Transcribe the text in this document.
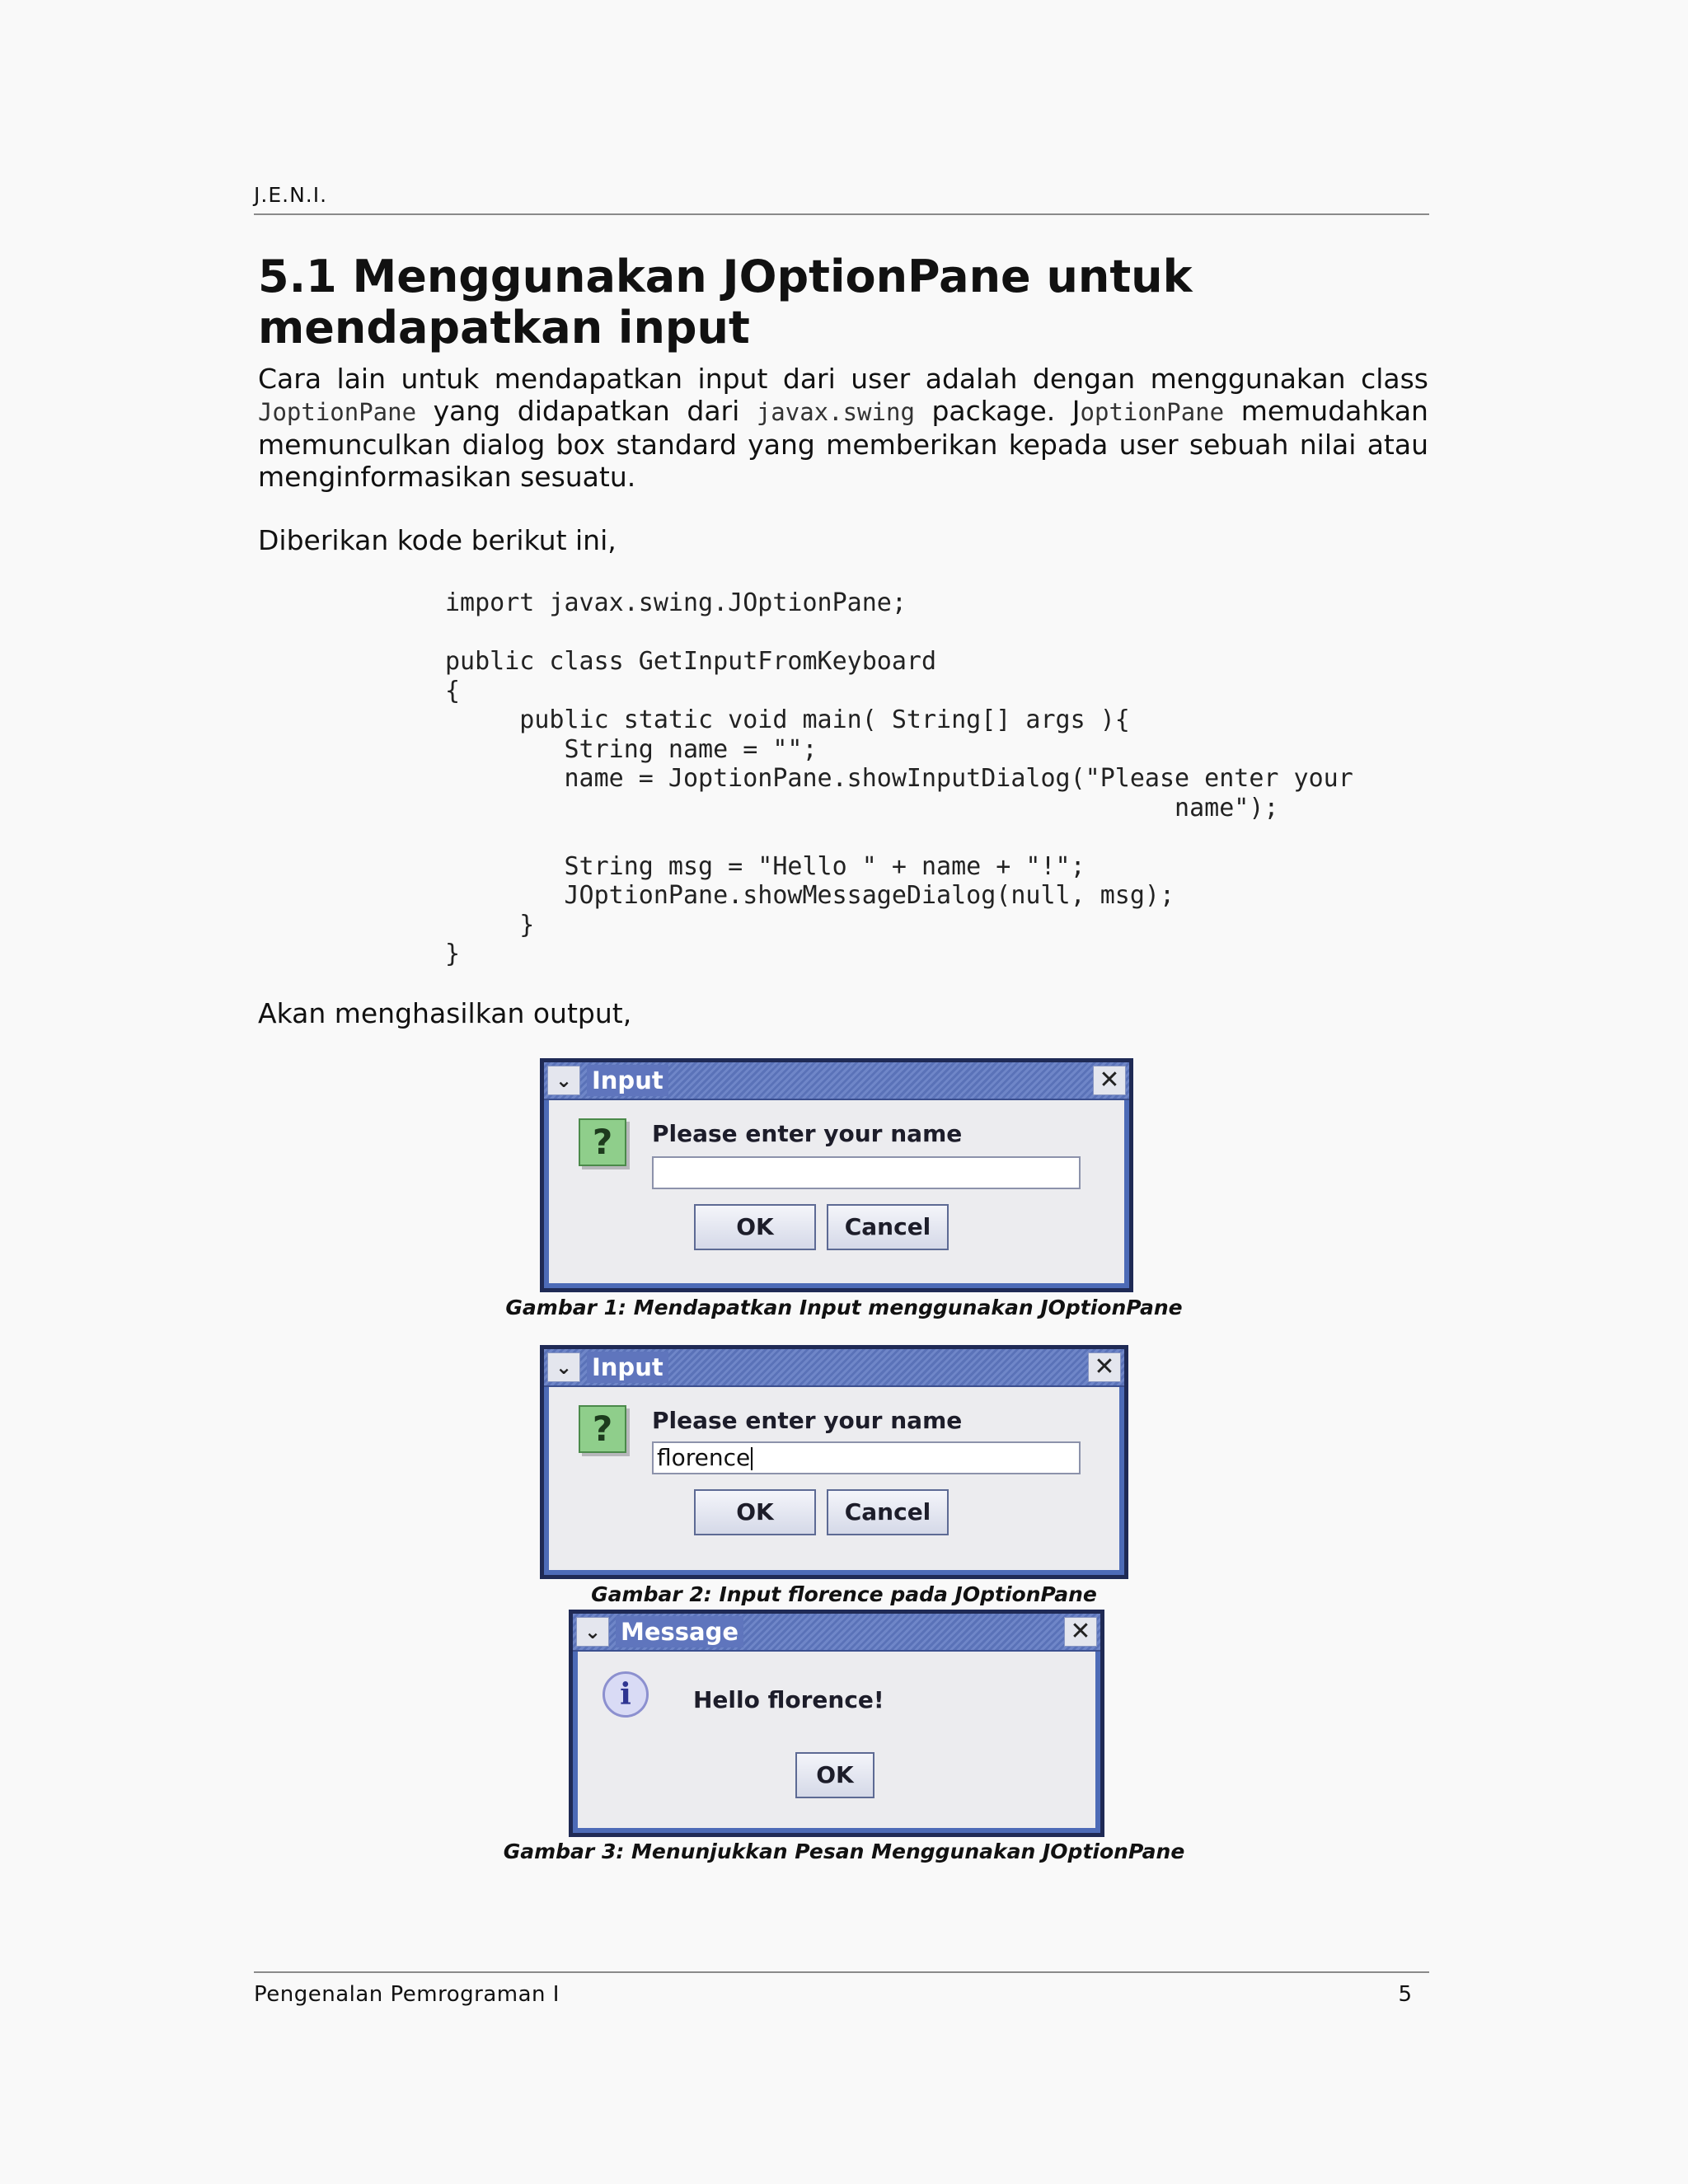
J.E.N.I.
5.1 Menggunakan JOptionPane untuk mendapatkan input

Cara lain untuk mendapatkan input dari user adalah dengan menggunakan class JoptionPane yang didapatkan dari javax.swing package. JoptionPane memudahkan memunculkan dialog box standard yang memberikan kepada user sebuah nilai atau menginformasikan sesuatu.

Diberikan kode berikut ini,

import javax.swing.JOptionPane;

public class GetInputFromKeyboard
{
public static void main( String[] args ){
String name = "";
name = JoptionPane.showInputDialog("Please enter your
name");

String msg = "Hello " + name + "!";
JOptionPane.showMessageDialog(null, msg);
}
}

Akan menghasilkan output,

⌄ Input	✕
?	Please enter your name
OK	Cancel
Gambar 1: Mendapatkan Input menggunakan JOptionPane
⌄ Input	✕
?	Please enter your name
florence
OK	Cancel
Gambar 2: Input florence pada JOptionPane
⌄ Message	✕
i	Hello florence!
OK
Gambar 3: Menunjukkan Pesan Menggunakan JOptionPane
Pengenalan Pemrograman I	5
